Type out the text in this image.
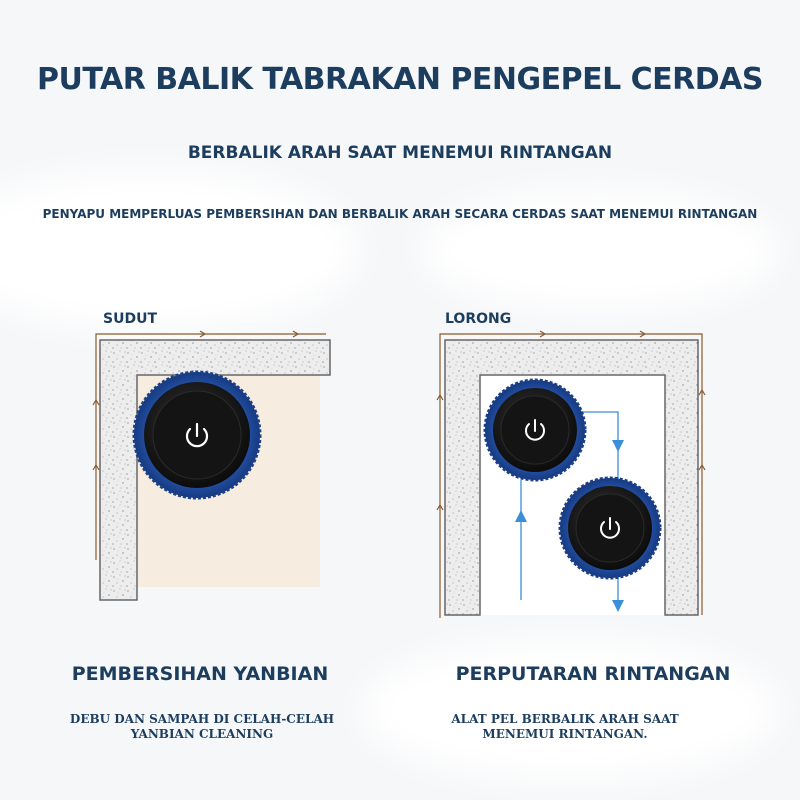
PUTAR BALIK TABRAKAN PENGEPEL CERDAS
BERBALIK ARAH SAAT MENEMUI RINTANGAN
PENYAPU MEMPERLUAS PEMBERSIHAN DAN BERBALIK ARAH SECARA CERDAS SAAT MENEMUI RINTANGAN
SUDUT	LORONG
PEMBERSIHAN YANBIAN	PERPUTARAN RINTANGAN
DEBU DAN SAMPAH DI CELAH-CELAH
YANBIAN CLEANING
ALAT PEL BERBALIK ARAH SAAT
MENEMUI RINTANGAN.
